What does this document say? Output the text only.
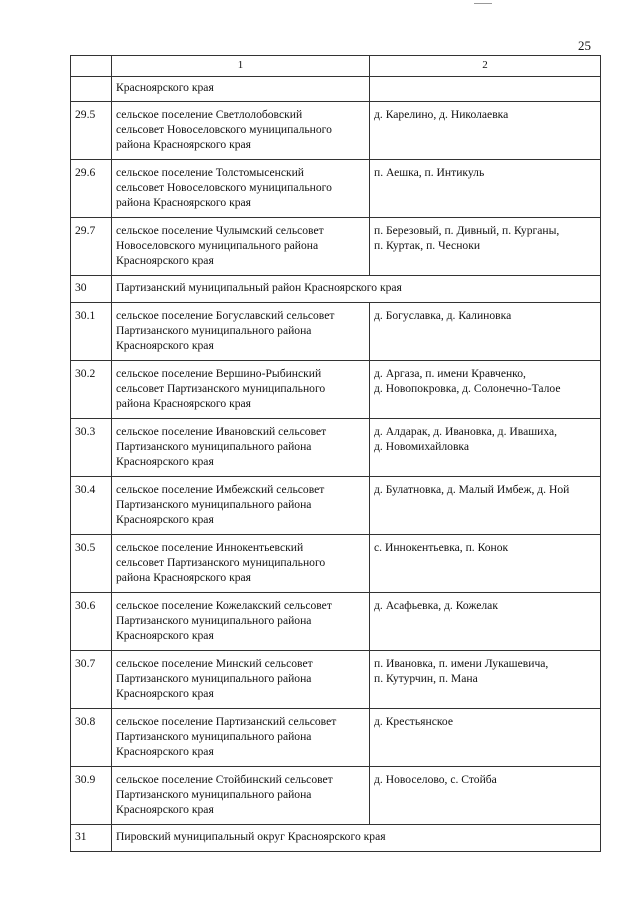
25
	1	2
	Красноярского края	
29.5	сельское поселение Светлолобовский
сельсовет Новоселовского муниципального
района Красноярского края	д. Карелино, д. Николаевка
29.6	сельское поселение Толстомысенский
сельсовет Новоселовского муниципального
района Красноярского края	п. Аешка, п. Интикуль
29.7	сельское поселение Чулымский сельсовет
Новоселовского муниципального района
Красноярского края	п. Березовый, п. Дивный, п. Курганы,
п. Куртак, п. Чесноки
30	Партизанский муниципальный район Красноярского края	
30.1	сельское поселение Богуславский сельсовет
Партизанского муниципального района
Красноярского края	д. Богуславка, д. Калиновка
30.2	сельское поселение Вершино-Рыбинский
сельсовет Партизанского муниципального
района Красноярского края	д. Аргаза, п. имени Кравченко,
д. Новопокровка, д. Солонечно-Талое
30.3	сельское поселение Ивановский сельсовет
Партизанского муниципального района
Красноярского края	д. Алдарак, д. Ивановка, д. Ивашиха,
д. Новомихайловка
30.4	сельское поселение Имбежский сельсовет
Партизанского муниципального района
Красноярского края	д. Булатновка, д. Малый Имбеж, д. Ной
30.5	сельское поселение Иннокентьевский
сельсовет Партизанского муниципального
района Красноярского края	с. Иннокентьевка, п. Конок
30.6	сельское поселение Кожелакский сельсовет
Партизанского муниципального района
Красноярского края	д. Асафьевка, д. Кожелак
30.7	сельское поселение Минский сельсовет
Партизанского муниципального района
Красноярского края	п. Ивановка, п. имени Лукашевича,
п. Кутурчин, п. Мана
30.8	сельское поселение Партизанский сельсовет
Партизанского муниципального района
Красноярского края	д. Крестьянское
30.9	сельское поселение Стойбинский сельсовет
Партизанского муниципального района
Красноярского края	д. Новоселово, с. Стойба
31	Пировский муниципальный округ Красноярского края	
